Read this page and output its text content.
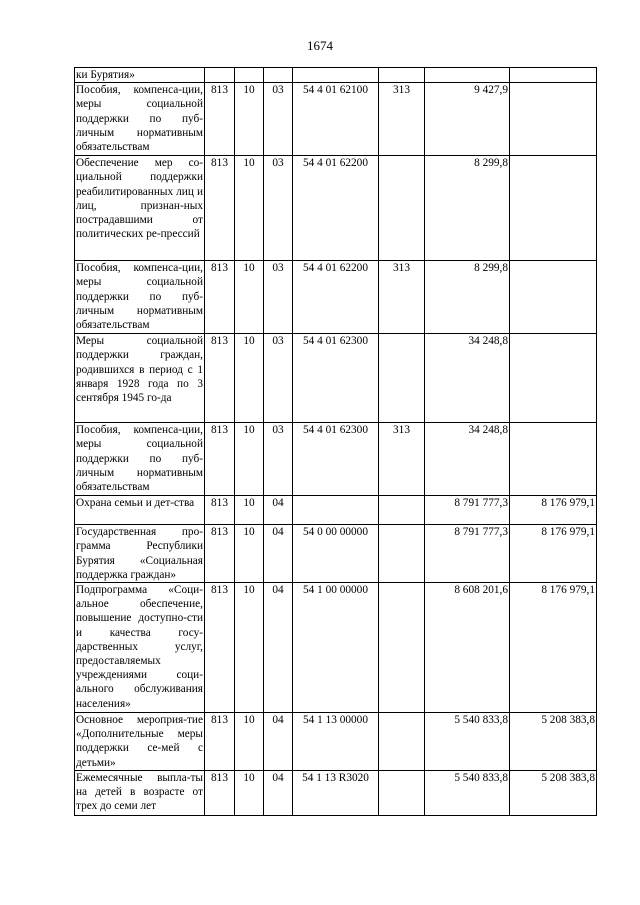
1674
ки Бурятия»							
Пособия, компенса-ции, меры социальной поддержки по пуб-личным нормативным обязательствам	813	10	03	54 4 01 62100	313	9 427,9	
Обеспечение мер со-циальной поддержки реабилитированных лиц и лиц, признан-ных пострадавшими от политических ре-прессий	813	10	03	54 4 01 62200		8 299,8	
Пособия, компенса-ции, меры социальной поддержки по пуб-личным нормативным обязательствам	813	10	03	54 4 01 62200	313	8 299,8	
Меры социальной поддержки граждан, родившихся в период с 1 января 1928 года по 3 сентября 1945 го-да	813	10	03	54 4 01 62300		34 248,8	
Пособия, компенса-ции, меры социальной поддержки по пуб-личным нормативным обязательствам	813	10	03	54 4 01 62300	313	34 248,8	
Охрана семьи и дет-ства	813	10	04			8 791 777,3	8 176 979,1
Государственная про-грамма Республики Бурятия «Социальная поддержка граждан»	813	10	04	54 0 00 00000		8 791 777,3	8 176 979,1
Подпрограмма «Соци-альное обеспечение, повышение доступно-сти и качества госу-дарственных услуг, предоставляемых учреждениями соци-ального обслуживания населения»	813	10	04	54 1 00 00000		8 608 201,6	8 176 979,1
Основное мероприя-тие «Дополнительные меры поддержки се-мей с детьми»	813	10	04	54 1 13 00000		5 540 833,8	5 208 383,8
Ежемесячные выпла-ты на детей в возрасте от трех до семи лет	813	10	04	54 1 13 R3020		5 540 833,8	5 208 383,8
